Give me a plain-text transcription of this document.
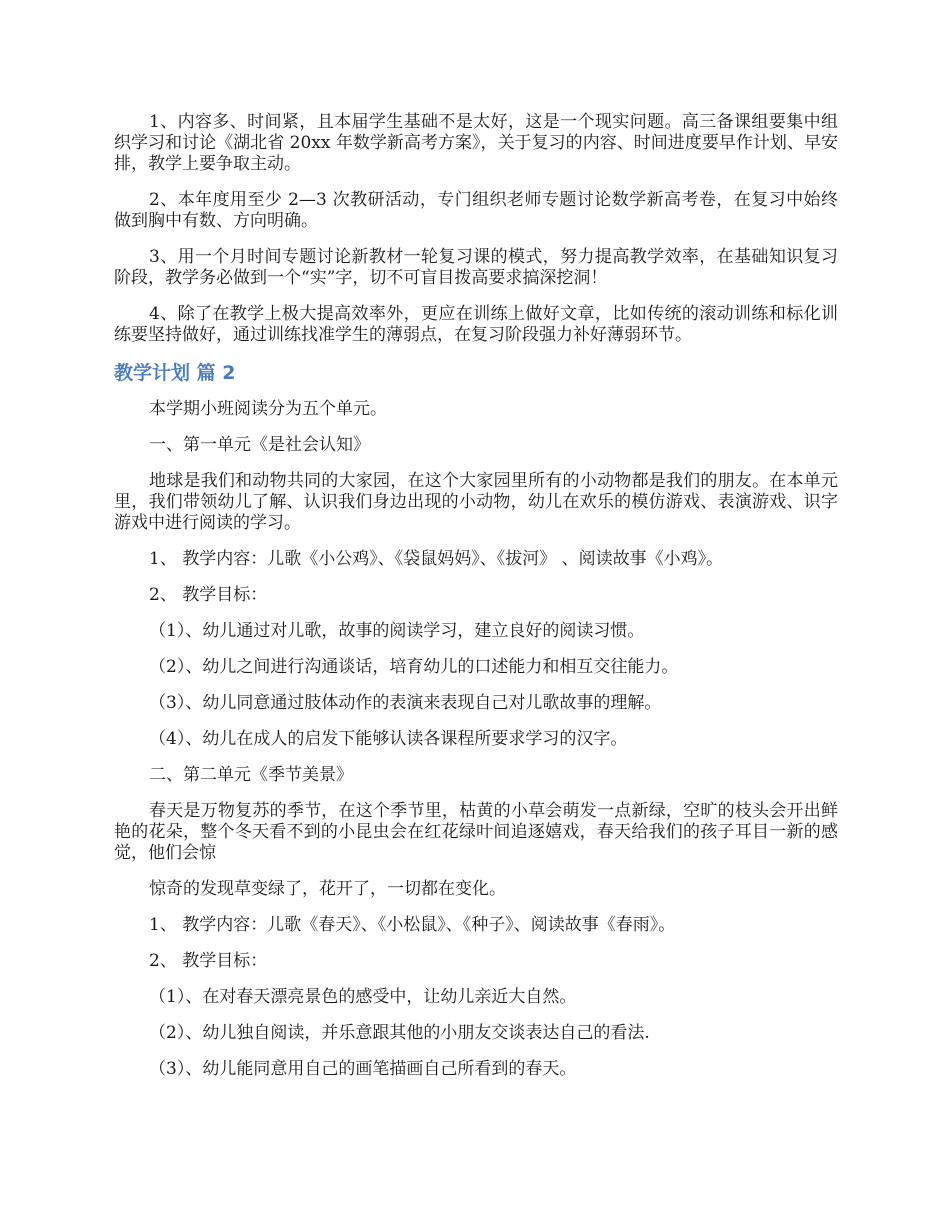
1、内容多、时间紧，且本届学生基础不是太好，这是一个现实问题。高三备课组要集中组织学习和讨论《湖北省 20xx 年数学新高考方案》，关于复习的内容、时间进度要早作计划、早安排，教学上要争取主动。

2、本年度用至少 2—3 次教研活动，专门组织老师专题讨论数学新高考卷，在复习中始终做到胸中有数、方向明确。

3、用一个月时间专题讨论新教材一轮复习课的模式，努力提高教学效率，在基础知识复习阶段，教学务必做到一个“实”字，切不可盲目拨高要求搞深挖洞！

4、除了在教学上极大提高效率外，更应在训练上做好文章，比如传统的滚动训练和标化训练要坚持做好，通过训练找准学生的薄弱点，在复习阶段强力补好薄弱环节。

教学计划 篇 2

本学期小班阅读分为五个单元。

一、第一单元《是社会认知》

地球是我们和动物共同的大家园，在这个大家园里所有的小动物都是我们的朋友。在本单元里，我们带领幼儿了解、认识我们身边出现的小动物，幼儿在欢乐的模仿游戏、表演游戏、识字游戏中进行阅读的学习。

1、 教学内容：儿歌《小公鸡》、《袋鼠妈妈》、《拔河》 、阅读故事《小鸡》。

2、 教学目标：

（1）、幼儿通过对儿歌，故事的阅读学习，建立良好的阅读习惯。

（2）、幼儿之间进行沟通谈话，培育幼儿的口述能力和相互交往能力。

（3）、幼儿同意通过肢体动作的表演来表现自己对儿歌故事的理解。

（4）、幼儿在成人的启发下能够认读各课程所要求学习的汉字。

二、第二单元《季节美景》

春天是万物复苏的季节，在这个季节里，枯黄的小草会萌发一点新绿，空旷的枝头会开出鲜艳的花朵，整个冬天看不到的小昆虫会在红花绿叶间追逐嬉戏，春天给我们的孩子耳目一新的感觉，他们会惊

惊奇的发现草变绿了，花开了，一切都在变化。

1、 教学内容：儿歌《春天》、《小松鼠》、《种子》、阅读故事《春雨》。

2、 教学目标：

（1）、在对春天漂亮景色的感受中，让幼儿亲近大自然。

（2）、幼儿独自阅读，并乐意跟其他的小朋友交谈表达自己的看法.

（3）、幼儿能同意用自己的画笔描画自己所看到的春天。
